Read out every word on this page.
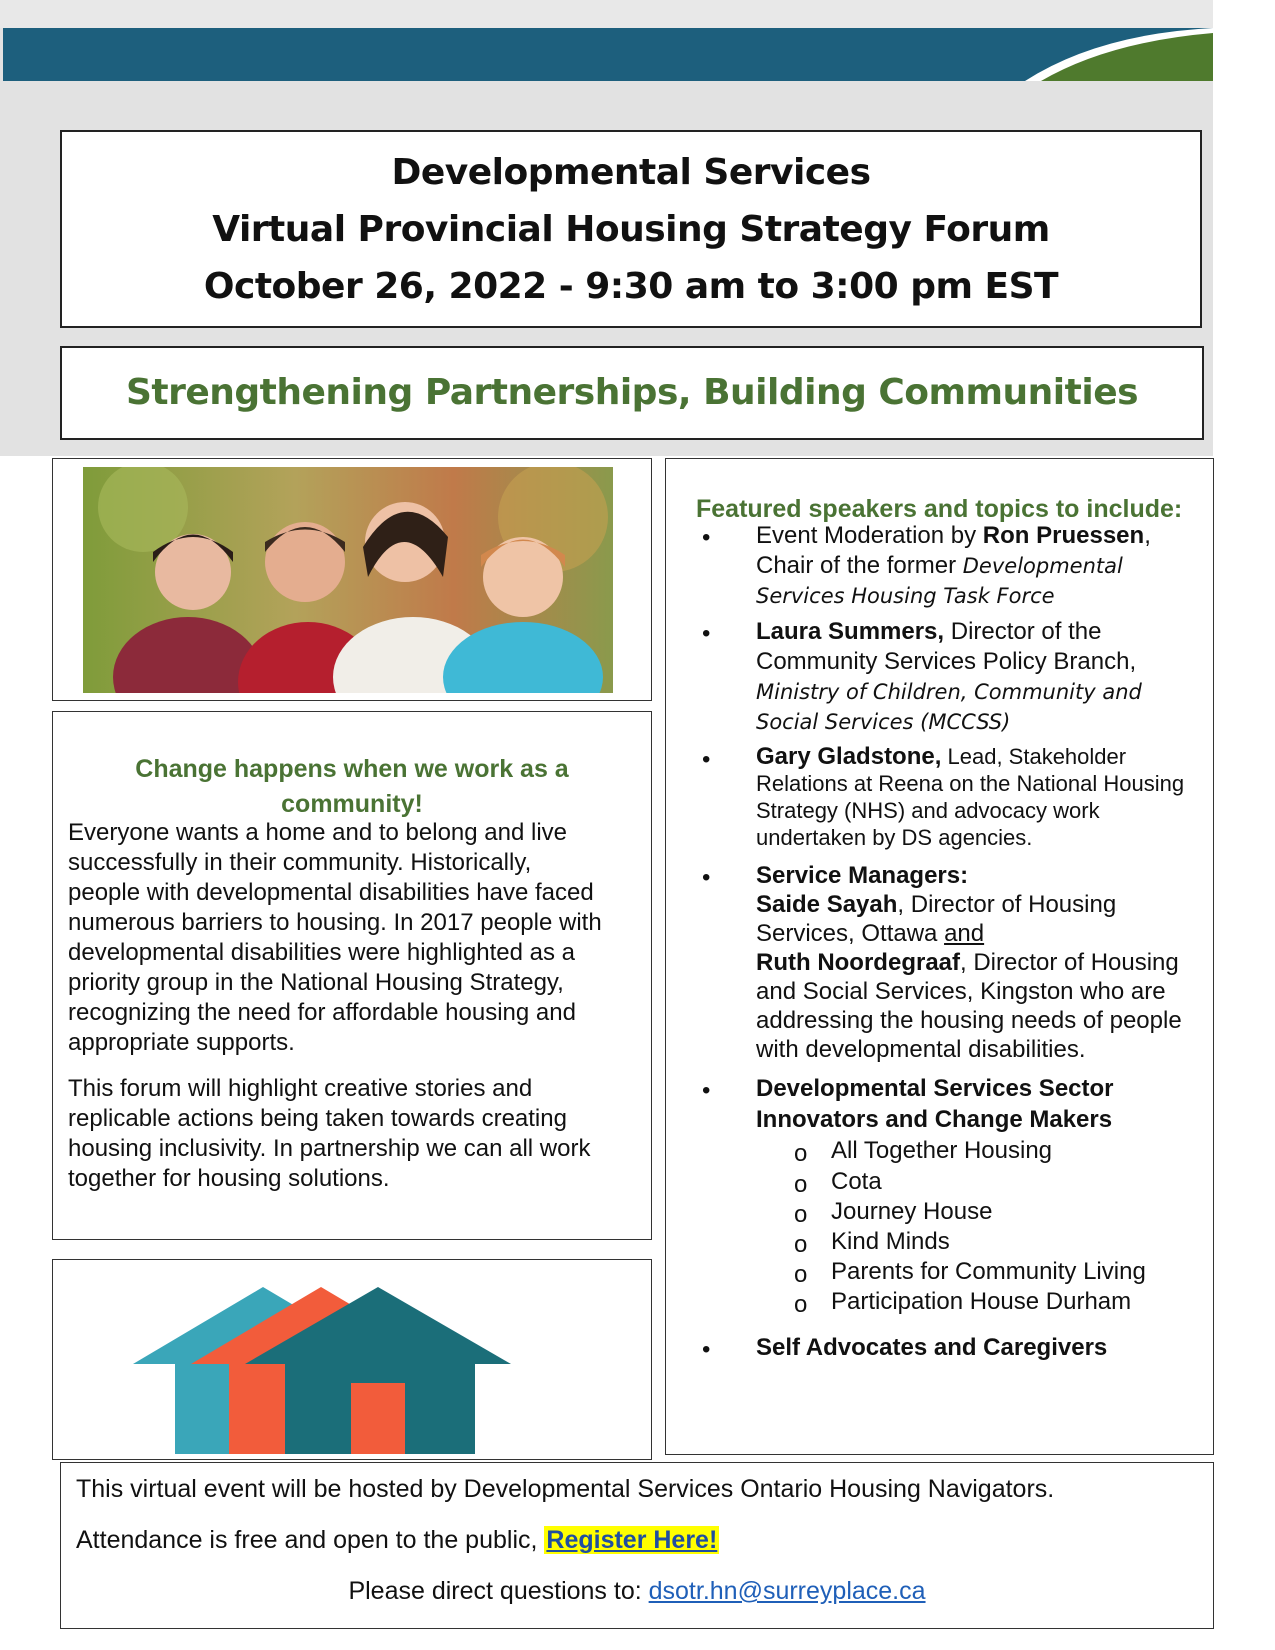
Developmental Services
Virtual Provincial Housing Strategy Forum
October 26, 2022 - 9:30 am to 3:00 pm EST
Strengthening Partnerships, Building Communities
Change happens when we work as a
community!
Everyone wants a home and to belong and live
successfully in their community. Historically,
people with developmental disabilities have faced
numerous barriers to housing. In 2017 people with
developmental disabilities were highlighted as a
priority group in the National Housing Strategy,
recognizing the need for affordable housing and
appropriate supports.
This forum will highlight creative stories and
replicable actions being taken towards creating
housing inclusivity. In partnership we can all work
together for housing solutions.
Featured speakers and topics to include:
• Event Moderation by Ron Pruessen,
Chair of the former Developmental
Services Housing Task Force
• Laura Summers, Director of the
Community Services Policy Branch,
Ministry of Children, Community and
Social Services (MCCSS)
• Gary Gladstone, Lead, Stakeholder
Relations at Reena on the National Housing
Strategy (NHS) and advocacy work
undertaken by DS agencies.
• Service Managers:
Saide Sayah, Director of Housing
Services, Ottawa and
Ruth Noordegraaf, Director of Housing
and Social Services, Kingston who are
addressing the housing needs of people
with developmental disabilities.
• Developmental Services Sector
Innovators and Change Makers
o All Together Housing
o Cota
o Journey House
o Kind Minds
o Parents for Community Living
o Participation House Durham
• Self Advocates and Caregivers
This virtual event will be hosted by Developmental Services Ontario Housing Navigators.
Attendance is free and open to the public, Register Here!
Please direct questions to: dsotr.hn@surreyplace.ca
